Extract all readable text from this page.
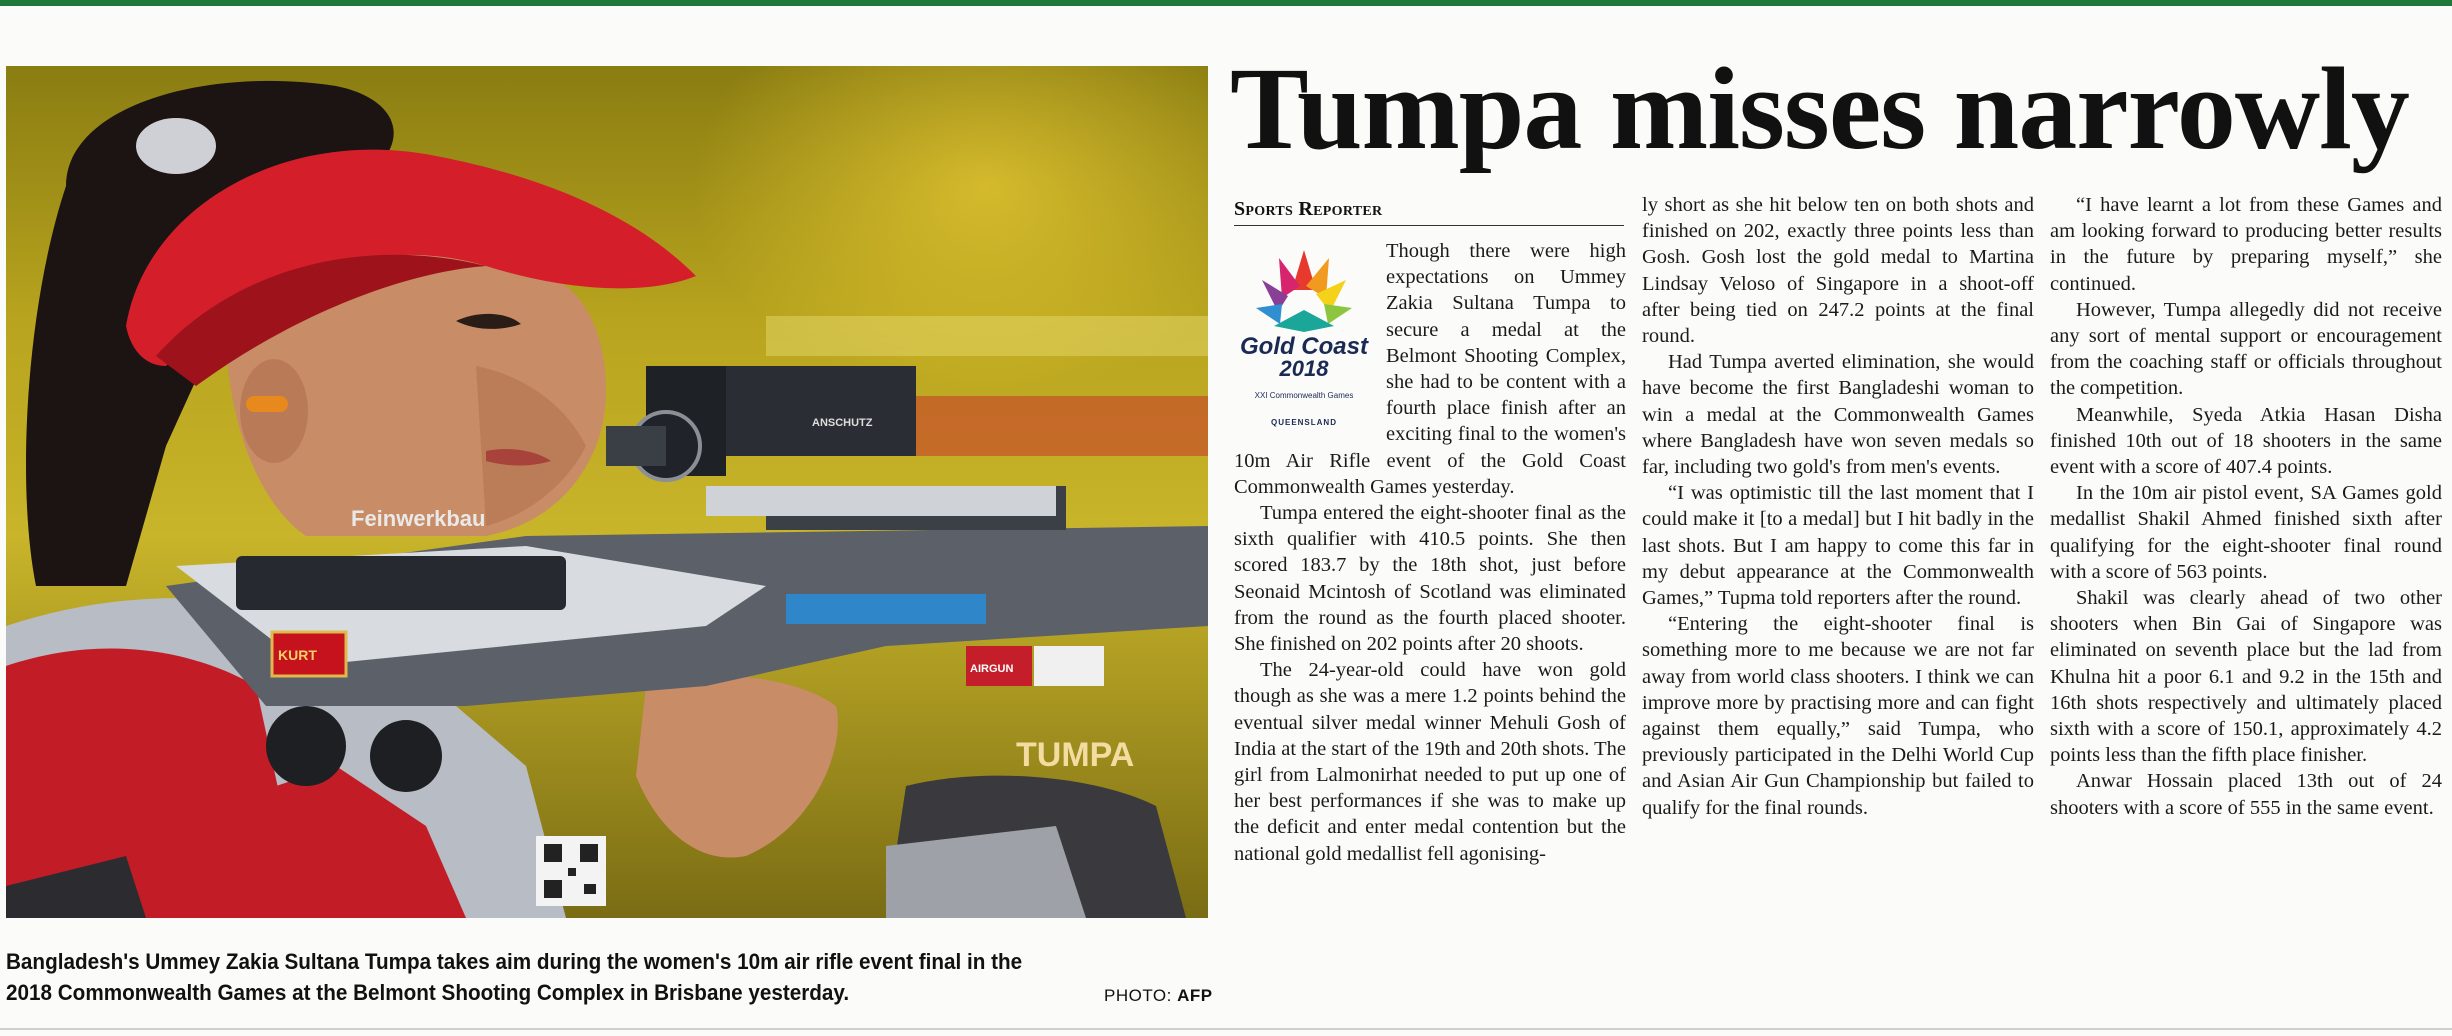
Feinwerkbau
TUMPA
ANSCHUTZ
KURT
AIRGUN
Bangladesh's Ummey Zakia Sultana Tumpa takes aim during the women's 10m air rifle event final in the 2018 Commonwealth Games at the Belmont Shooting Complex in Brisbane yesterday.	PHOTO: AFP
Tumpa misses narrowly
Sports Reporter
Gold Coast
2018
XXI Commonwealth Games
QUEENSLAND

Though there were high expectations on Ummey Zakia Sultana Tumpa to secure a medal at the Belmont Shooting Complex, she had to be content with a fourth place finish after an exciting final to the women's 10m Air Rifle event of the Gold Coast Commonwealth Games yesterday.

Tumpa entered the eight-shooter final as the sixth qualifier with 410.5 points. She then scored 183.7 by the 18th shot, just before Seonaid Mcintosh of Scotland was eliminated from the round as the fourth placed shooter. She finished on 202 points after 20 shoots.

The 24-year-old could have won gold though as she was a mere 1.2 points behind the eventual silver medal winner Mehuli Gosh of India at the start of the 19th and 20th shots. The girl from Lalmonirhat needed to put up one of her best performances if she was to make up the deficit and enter medal contention but the national gold medallist fell agonising-

ly short as she hit below ten on both shots and finished on 202, exactly three points less than Gosh. Gosh lost the gold medal to Martina Lindsay Veloso of Singapore in a shoot-off after being tied on 247.2 points at the final round.

Had Tumpa averted elimination, she would have become the first Bangladeshi woman to win a medal at the Commonwealth Games where Bangladesh have won seven medals so far, including two gold's from men's events.

“I was optimistic till the last moment that I could make it [to a medal] but I hit badly in the last shots. But I am happy to come this far in my debut appearance at the Commonwealth Games,” Tupma told reporters after the round.

“Entering the eight-shooter final is something more to me because we are not far away from world class shooters. I think we can improve more by practising more and can fight against them equally,” said Tumpa, who previously participated in the Delhi World Cup and Asian Air Gun Championship but failed to qualify for the final rounds.

“I have learnt a lot from these Games and am looking forward to producing better results in the future by preparing myself,” she continued.

However, Tumpa allegedly did not receive any sort of mental support or encouragement from the coaching staff or officials throughout the competition.

Meanwhile, Syeda Atkia Hasan Disha finished 10th out of 18 shooters in the same event with a score of 407.4 points.

In the 10m air pistol event, SA Games gold medallist Shakil Ahmed finished sixth after qualifying for the eight-shooter final round with a score of 563 points.

Shakil was clearly ahead of two other shooters when Bin Gai of Singapore was eliminated on seventh place but the lad from Khulna hit a poor 6.1 and 9.2 in the 15th and 16th shots respectively and ultimately placed sixth with a score of 150.1, approximately 4.2 points less than the fifth place finisher.

Anwar Hossain placed 13th out of 24 shooters with a score of 555 in the same event.
